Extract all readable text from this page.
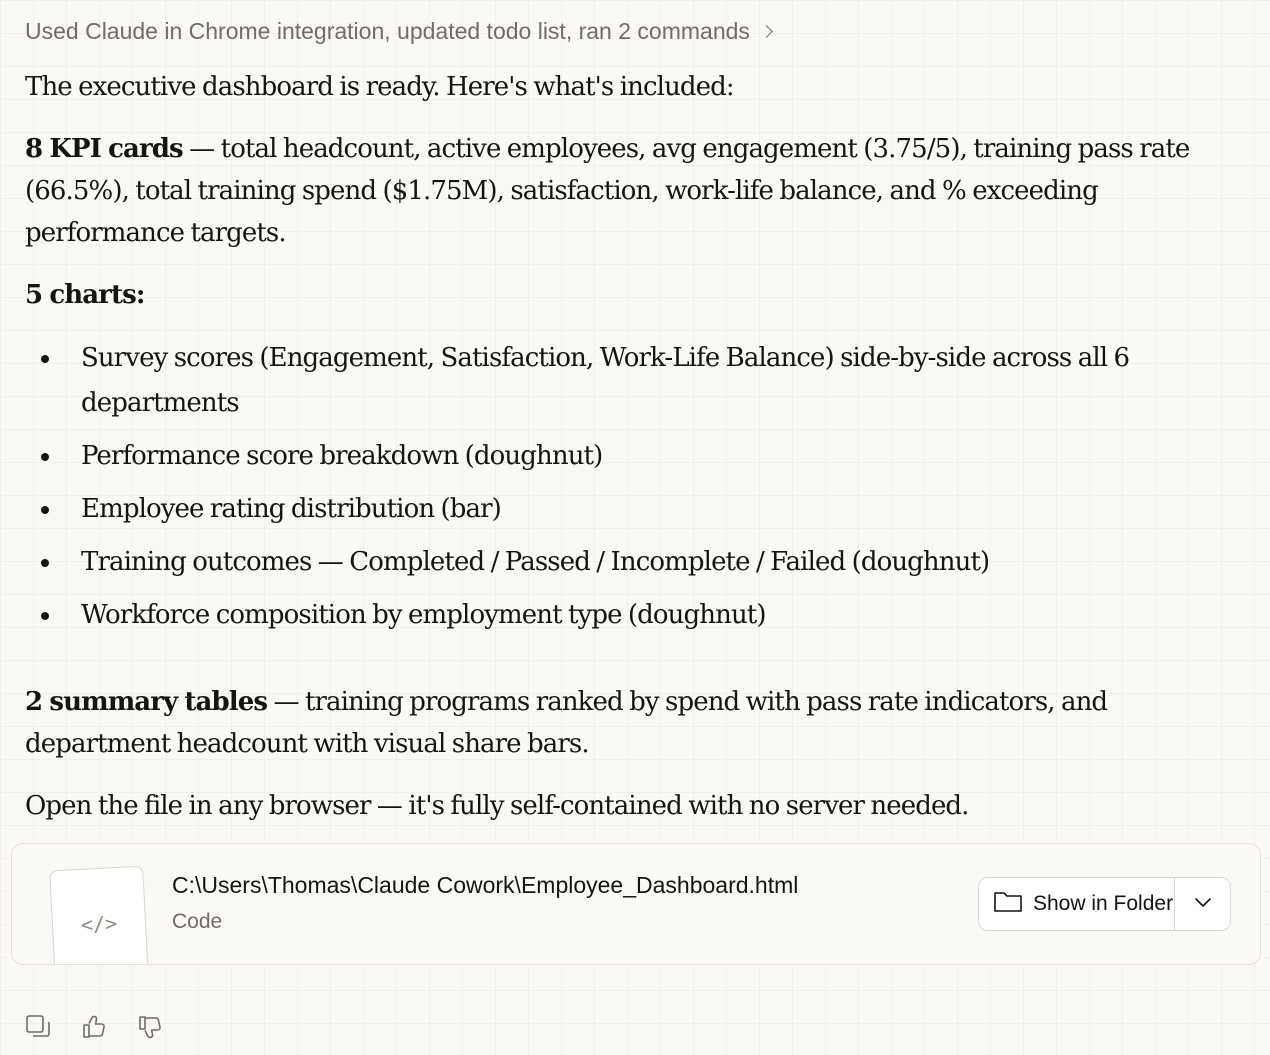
Used Claude in Chrome integration, updated todo list, ran 2 commands

The executive dashboard is ready. Here's what's included:

8 KPI cards — total headcount, active employees, avg engagement (3.75/5), training pass rate (66.5%), total training spend ($1.75M), satisfaction, work-life balance, and % exceeding performance targets.

5 charts:

Survey scores (Engagement, Satisfaction, Work-Life Balance) side-by-side across all 6 departments
Performance score breakdown (doughnut)
Employee rating distribution (bar)
Training outcomes — Completed / Passed / Incomplete / Failed (doughnut)
Workforce composition by employment type (doughnut)

2 summary tables — training programs ranked by spend with pass rate indicators, and department headcount with visual share bars.

Open the file in any browser — it's fully self-contained with no server needed.

</>
C:\Users\Thomas\Claude Cowork\Employee_Dashboard.html
Code
Show in Folder
